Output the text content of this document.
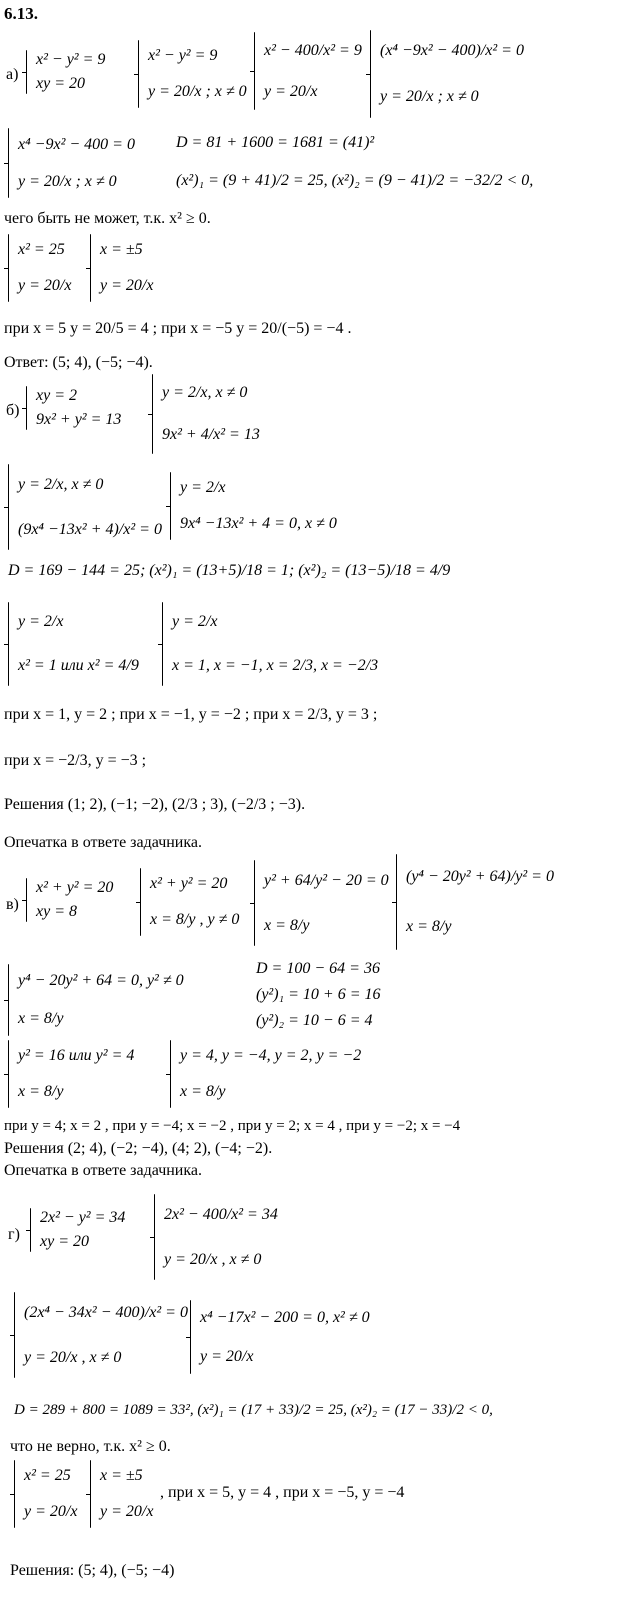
6.13.
а)
x² − y² = 9
xy = 20
x² − y² = 9
y = 20/x ; x ≠ 0
x² − 400/x² = 9
y = 20/x
(x⁴ −9x² − 400)/x² = 0
y = 20/x ; x ≠ 0
x⁴ −9x² − 400 = 0
y = 20/x ; x ≠ 0
D = 81 + 1600 = 1681 = (41)²
(x²)₁ = (9 + 41)/2 = 25, (x²)₂ = (9 − 41)/2 = −32/2 < 0,
чего быть не может, т.к. x² ≥ 0.
x² = 25
y = 20/x
x = ±5
y = 20/x
при x = 5 y = 20/5 = 4 ; при x = −5 y = 20/(−5) = −4 .
Ответ: (5; 4), (−5; −4).
б)
xy = 2
9x² + y² = 13
y = 2/x, x ≠ 0
9x² + 4/x² = 13
y = 2/x, x ≠ 0
(9x⁴ −13x² + 4)/x² = 0
y = 2/x
9x⁴ −13x² + 4 = 0, x ≠ 0
D = 169 − 144 = 25; (x²)₁ = (13+5)/18 = 1; (x²)₂ = (13−5)/18 = 4/9
y = 2/x
x² = 1 или x² = 4/9
y = 2/x
x = 1, x = −1, x = 2/3, x = −2/3
при x = 1, y = 2 ; при x = −1, y = −2 ; при x = 2/3, y = 3 ;
при x = −2/3, y = −3 ;
Решения (1; 2), (−1; −2), (2/3 ; 3), (−2/3 ; −3).
Опечатка в ответе задачника.
в)
x² + y² = 20
xy = 8
x² + y² = 20
x = 8/y , y ≠ 0
y² + 64/y² − 20 = 0
x = 8/y
(y⁴ − 20y² + 64)/y² = 0
x = 8/y
y⁴ − 20y² + 64 = 0, y² ≠ 0
x = 8/y
D = 100 − 64 = 36
(y²)₁ = 10 + 6 = 16
(y²)₂ = 10 − 6 = 4
y² = 16 или y² = 4
x = 8/y
y = 4, y = −4, y = 2, y = −2
x = 8/y
при y = 4; x = 2 , при y = −4; x = −2 , при y = 2; x = 4 , при y = −2; x = −4
Решения (2; 4), (−2; −4), (4; 2), (−4; −2).
Опечатка в ответе задачника.
г)
2x² − y² = 34
xy = 20
2x² − 400/x² = 34
y = 20/x , x ≠ 0
(2x⁴ − 34x² − 400)/x² = 0
y = 20/x , x ≠ 0
x⁴ −17x² − 200 = 0, x² ≠ 0
y = 20/x
D = 289 + 800 = 1089 = 33², (x²)₁ = (17 + 33)/2 = 25, (x²)₂ = (17 − 33)/2 < 0,
что не верно, т.к. x² ≥ 0.
x² = 25
y = 20/x
x = ±5
y = 20/x
, при x = 5, y = 4 , при x = −5, y = −4
Решения: (5; 4), (−5; −4)
